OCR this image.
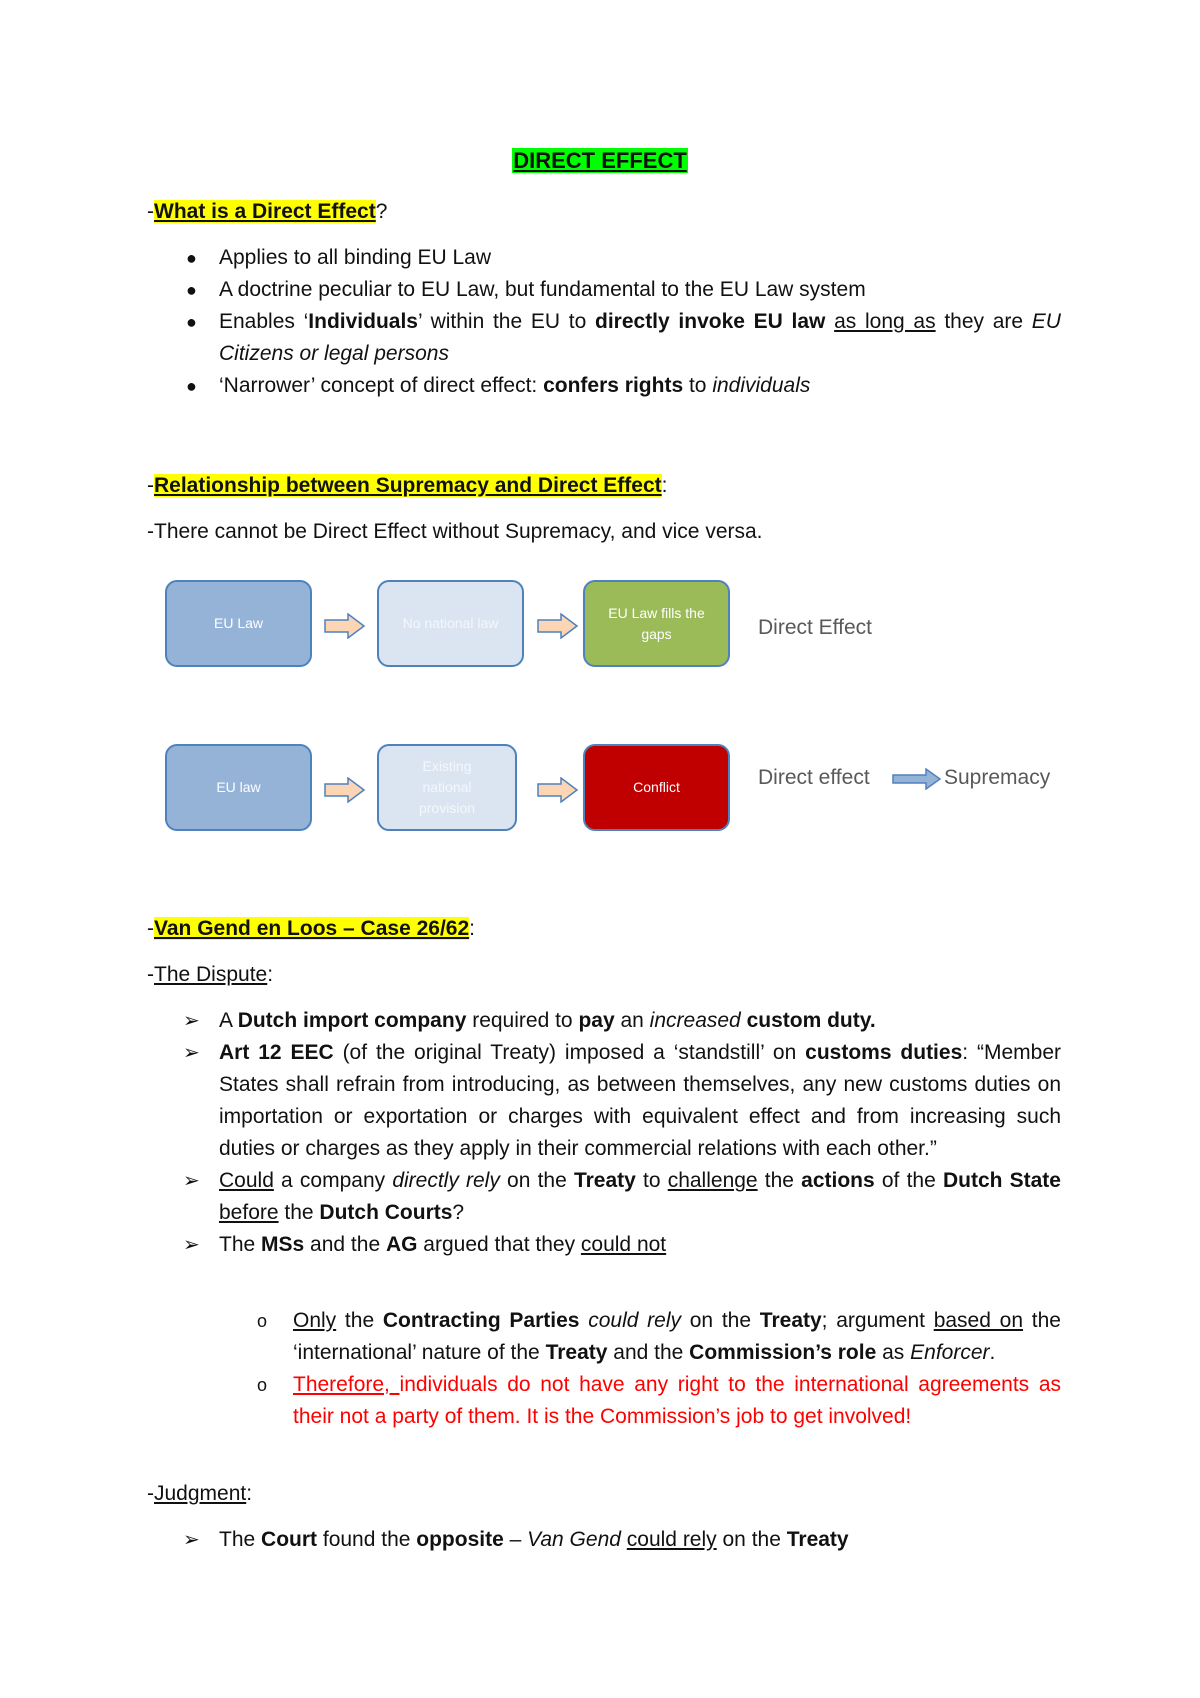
DIRECT EFFECT
-What is a Direct Effect?
● Applies to all binding EU Law
● A doctrine peculiar to EU Law, but fundamental to the EU Law system
● Enables ‘Individuals’ within the EU to directly invoke EU law as long as they are EU Citizens or legal persons
● ‘Narrower’ concept of direct effect: confers rights to individuals
-Relationship between Supremacy and Direct Effect:
-There cannot be Direct Effect without Supremacy, and vice versa.
EU Law	No national law
EU Law fills the gaps	Direct Effect
EU law
Existing national provision
Conflict	Direct effect	Supremacy
-Van Gend en Loos – Case 26/62:
-The Dispute:
➢ A Dutch import company required to pay an increased custom duty.
➢ Art 12 EEC (of the original Treaty) imposed a ‘standstill’ on customs duties: “Member States shall refrain from introducing, as between themselves, any new customs duties on importation or exportation or charges with equivalent effect and from increasing such duties or charges as they apply in their commercial relations with each other.”
➢ Could a company directly rely on the Treaty to challenge the actions of the Dutch State before the Dutch Courts?
➢ The MSs and the AG argued that they could not
o Only the Contracting Parties could rely on the Treaty; argument based on the ‘international’ nature of the Treaty and the Commission’s role as Enforcer.
o Therefore, individuals do not have any right to the international agreements as their not a party of them. It is the Commission’s job to get involved!
-Judgment:
➢ The Court found the opposite – Van Gend could rely on the Treaty
